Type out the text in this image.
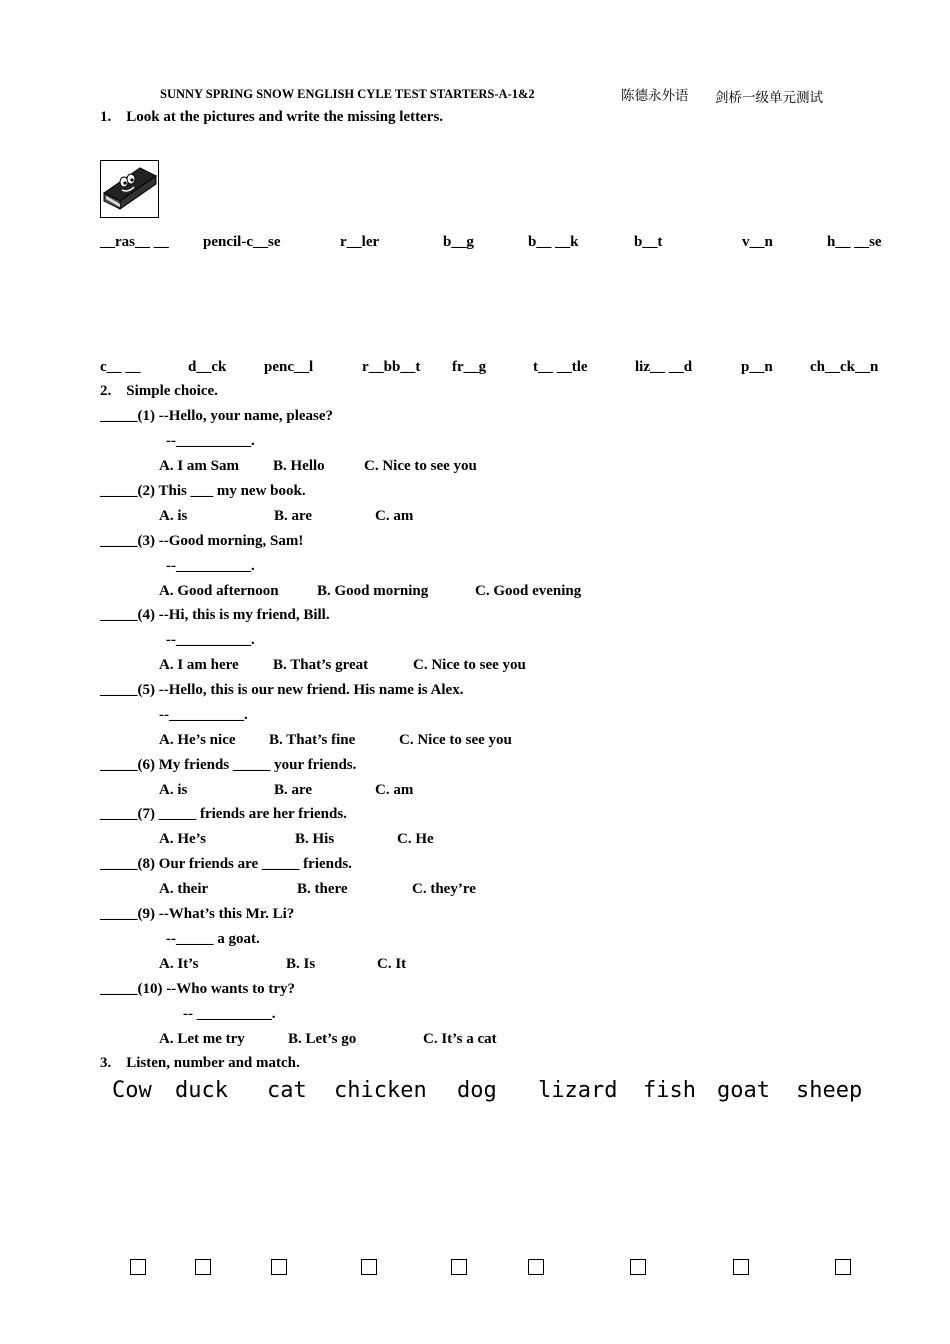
SUNNY SPRING SNOW ENGLISH CYLE TEST STARTERS-A-1&2	陈德永外语 剑桥一级单元测试
1.    Look at the pictures and write the missing letters.
__ras__ __ pencil-c__se	r__ler	b__g	b__ __k	b__t	v__n	h__ __se
c__ __	d__ck	penc__l	r__bb__t fr__g	t__ __tle	liz__ __d	p__n ch__ck__n
2.    Simple choice.
_____(1) --Hello, your name, please?
--__________.
A. I am Sam B. Hello	C. Nice to see you
_____(2) This ___ my new book.
A. is	B. are	C. am
_____(3) --Good morning, Sam!
--__________.
A. Good afternoon	B. Good morning	C. Good evening
_____(4) --Hi, this is my friend, Bill.
--__________.
A. I am here B. That’s great	C. Nice to see you
_____(5) --Hello, this is our new friend. His name is Alex.
--__________.
A. He’s nice B. That’s fine	C. Nice to see you
_____(6) My friends _____ your friends.
A. is	B. are	C. am
_____(7) _____ friends are her friends.
A. He’s	B. His	C. He
_____(8) Our friends are _____ friends.
A. their	B. there	C. they’re
_____(9) --What’s this Mr. Li?
--_____ a goat.
A. It’s	B. Is	C. It
_____(10) --Who wants to try?
-- __________.
A. Let me try	B. Let’s go	C. It’s a cat
3.    Listen, number and match.
Cow duck cat chicken dog lizard fish goat sheep
